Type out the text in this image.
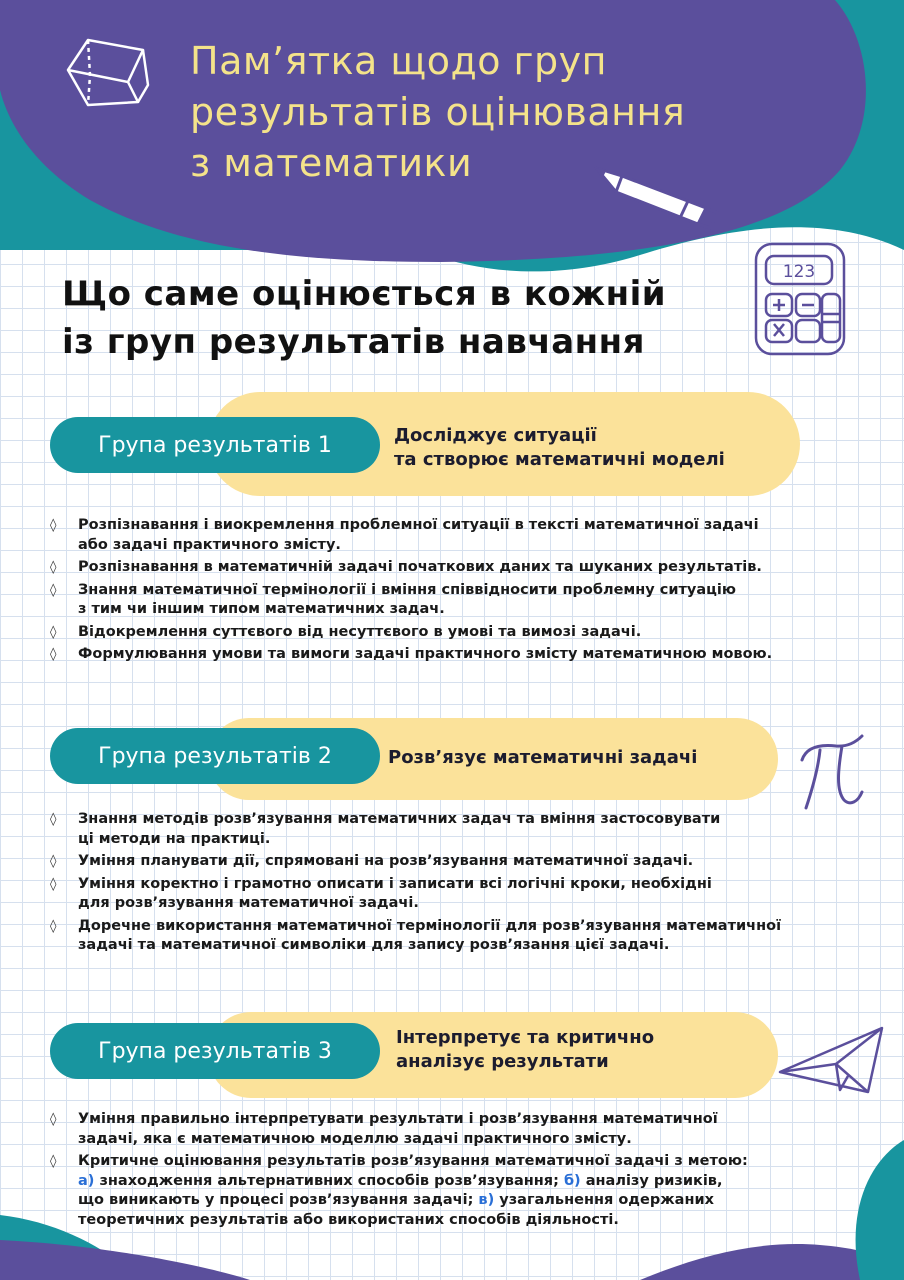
123
Пам’ятка щодо груп
результатів оцінювання
з математики
Що саме оцінюється в кожній
із груп результатів навчання
Група результатів 1	Досліджує ситуації
та створює математичні моделі
◊ Розпізнавання і виокремлення проблемної ситуації в тексті математичної задачі
або задачі практичного змісту.
◊ Розпізнавання в математичній задачі початкових даних та шуканих результатів.
◊ Знання математичної термінології і вміння співвідносити проблемну ситуацію
з тим чи іншим типом математичних задач.
◊ Відокремлення суттєвого від несуттєвого в умові та вимозі задачі.
◊ Формулювання умови та вимоги задачі практичного змісту математичною мовою.
Група результатів 2	Розв’язує математичні задачі
◊ Знання методів розв’язування математичних задач та вміння застосовувати
ці методи на практиці.
◊ Уміння планувати дії, спрямовані на розв’язування математичної задачі.
◊ Уміння коректно і грамотно описати і записати всі логічні кроки, необхідні
для розв’язування математичної задачі.
◊ Доречне використання математичної термінології для розв’язування математичної
задачі та математичної символіки для запису розв’язання цієї задачі.
Група результатів 3
Інтерпретує та критично
аналізує результати
◊ Уміння правильно інтерпретувати результати і розв’язування математичної
задачі, яка є математичною моделлю задачі практичного змісту.
◊ Критичне оцінювання результатів розв’язування математичної задачі з метою:
а) знаходження альтернативних способів розв’язування; б) аналізу ризиків,
що виникають у процесі розв’язування задачі; в) узагальнення одержаних
теоретичних результатів або використаних способів діяльності.
